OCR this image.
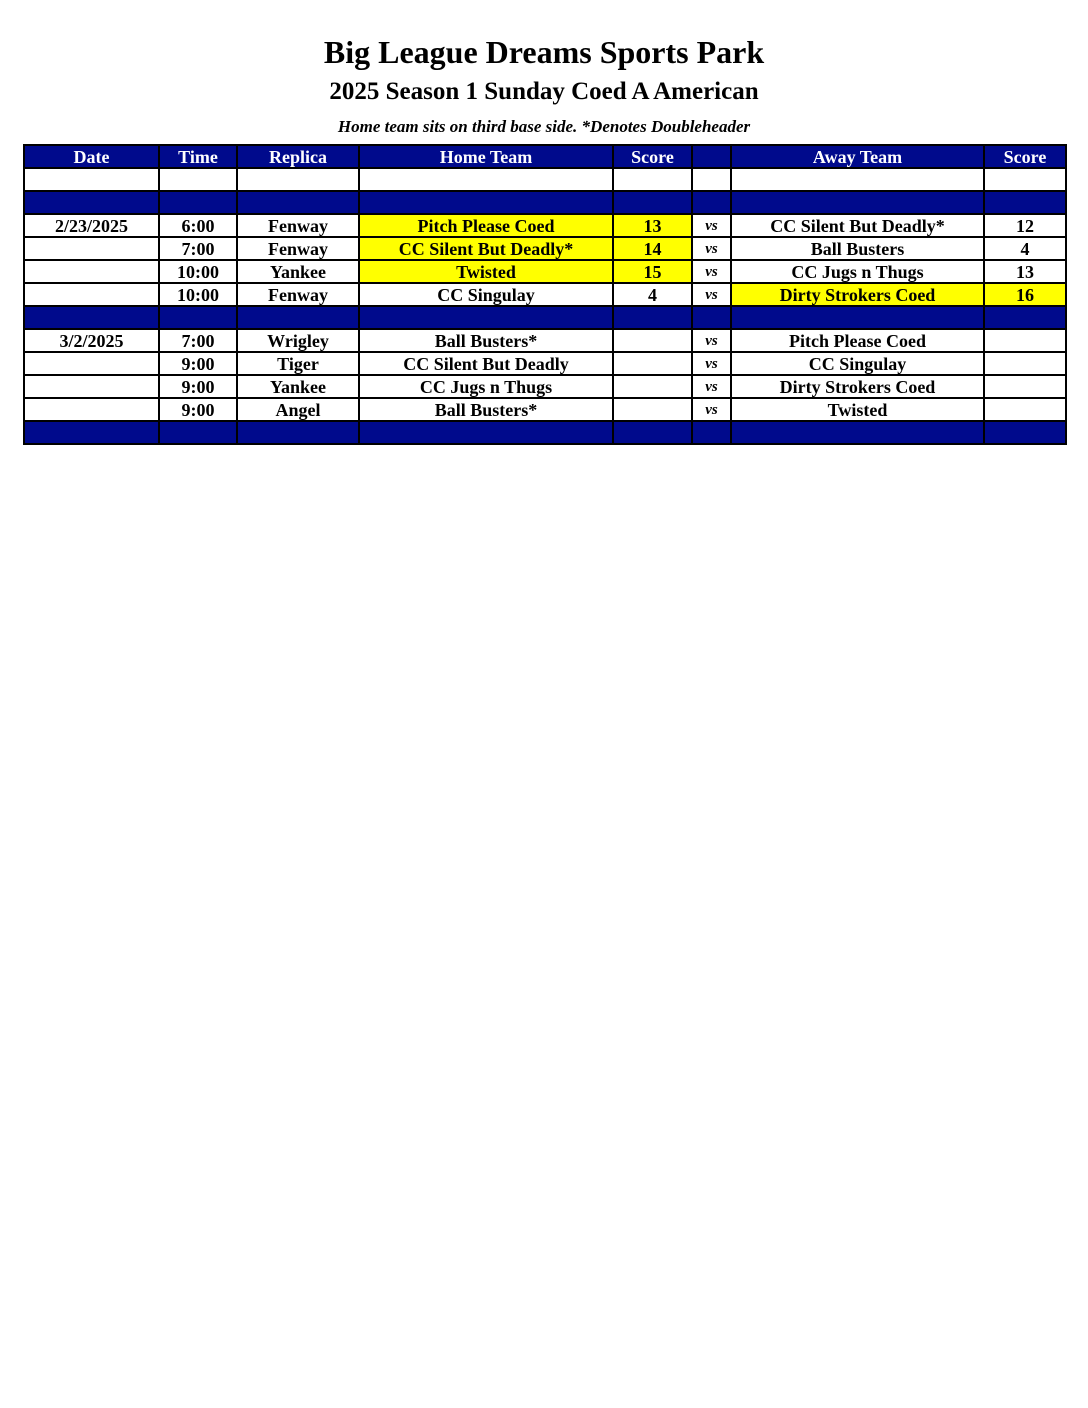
Big League Dreams Sports Park
2025 Season 1 Sunday Coed A American
Home team sits on third base side. *Denotes Doubleheader
Date	Time	Replica	Home Team	Score		Away Team	Score

2/23/2025	6:00	Fenway	Pitch Please Coed	13	vs	CC Silent But Deadly*	12
	7:00	Fenway	CC Silent But Deadly*	14	vs	Ball Busters	4
	10:00	Yankee	Twisted	15	vs	CC Jugs n Thugs	13
	10:00	Fenway	CC Singulay	4	vs	Dirty Strokers Coed	16

3/2/2025	7:00	Wrigley	Ball Busters*		vs	Pitch Please Coed	
	9:00	Tiger	CC Silent But Deadly		vs	CC Singulay	
	9:00	Yankee	CC Jugs n Thugs		vs	Dirty Strokers Coed	
	9:00	Angel	Ball Busters*		vs	Twisted	
